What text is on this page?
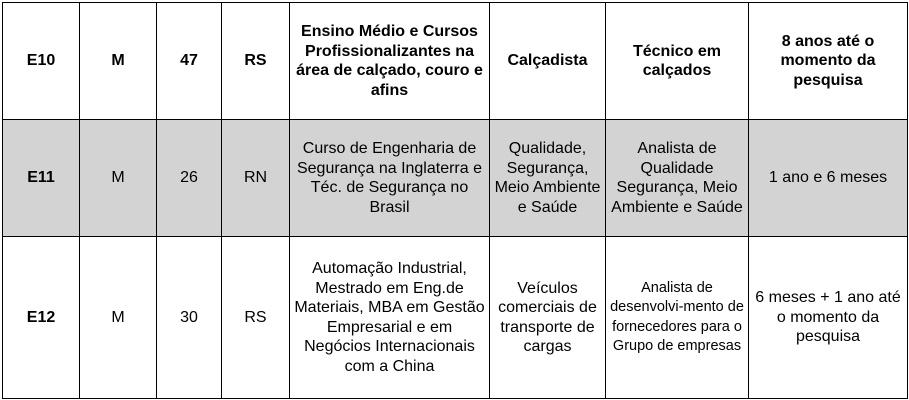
E10	M	47	RS	Ensino Médio e Cursos Profissionalizantes na área de calçado, couro e afins	Calçadista	Técnico em calçados	8 anos até o momento da pesquisa
E11	M	26	RN	Curso de Engenharia de Segurança na Inglaterra e Téc. de Segurança no Brasil	Qualidade, Segurança, Meio Ambiente e Saúde	Analista de Qualidade Segurança, Meio Ambiente e Saúde	1 ano e 6 meses
E12	M	30	RS	Automação Industrial, Mestrado em Eng.de Materiais, MBA em Gestão Empresarial e em Negócios Internacionais com a China	Veículos comerciais de transporte de cargas	Analista de desenvolvi-mento de fornecedores para o Grupo de empresas	6 meses + 1 ano até o momento da pesquisa
